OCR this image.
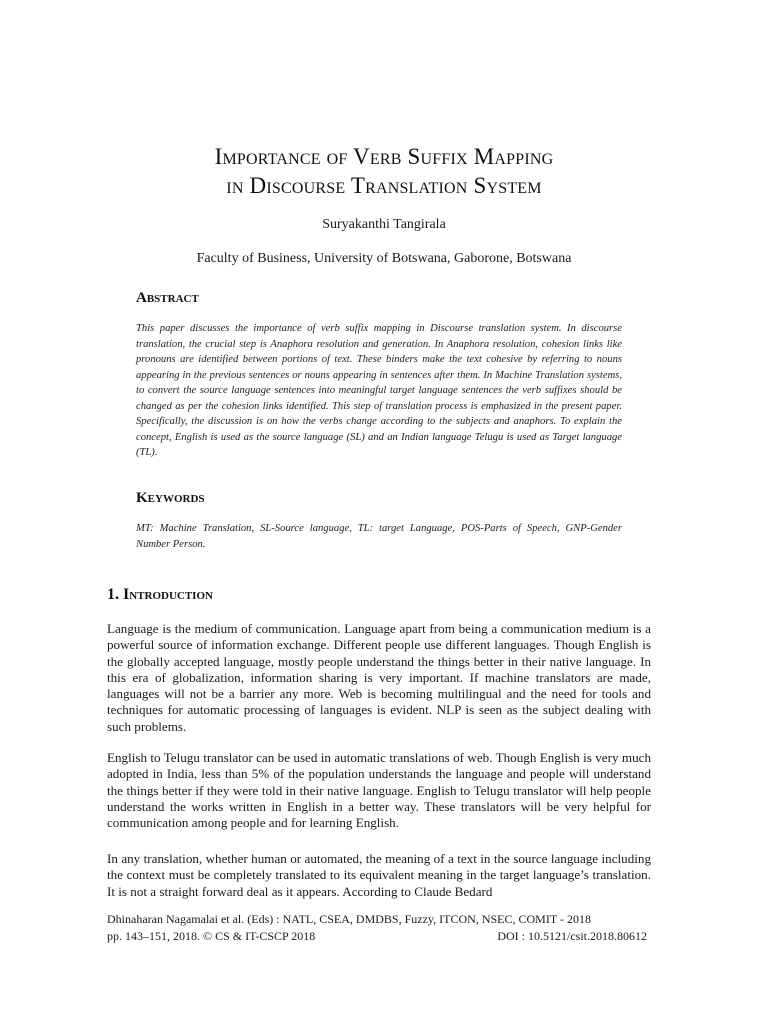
Importance of Verb Suffix Mapping
in Discourse Translation System
Suryakanthi Tangirala
Faculty of Business, University of Botswana, Gaborone, Botswana
Abstract
This paper discusses the importance of verb suffix mapping in Discourse translation system. In discourse translation, the crucial step is Anaphora resolution and generation. In Anaphora resolution, cohesion links like pronouns are identified between portions of text. These binders make the text cohesive by referring to nouns appearing in the previous sentences or nouns appearing in sentences after them. In Machine Translation systems, to convert the source language sentences into meaningful target language sentences the verb suffixes should be changed as per the cohesion links identified. This step of translation process is emphasized in the present paper. Specifically, the discussion is on how the verbs change according to the subjects and anaphors. To explain the concept, English is used as the source language (SL) and an Indian language Telugu is used as Target language (TL).
Keywords
MT: Machine Translation, SL-Source language, TL: target Language, POS-Parts of Speech, GNP-Gender Number Person.
1. Introduction
Language is the medium of communication. Language apart from being a communication medium is a powerful source of information exchange. Different people use different languages. Though English is the globally accepted language, mostly people understand the things better in their native language. In this era of globalization, information sharing is very important. If machine translators are made, languages will not be a barrier any more. Web is becoming multilingual and the need for tools and techniques for automatic processing of languages is evident. NLP is seen as the subject dealing with such problems.
English to Telugu translator can be used in automatic translations of web. Though English is very much adopted in India, less than 5% of the population understands the language and people will understand the things better if they were told in their native language. English to Telugu translator will help people understand the works written in English in a better way. These translators will be very helpful for communication among people and for learning English.
In any translation, whether human or automated, the meaning of a text in the source language including the context must be completely translated to its equivalent meaning in the target language’s translation. It is not a straight forward deal as it appears. According to Claude Bedard
Dhinaharan Nagamalai et al. (Eds) : NATL, CSEA, DMDBS, Fuzzy, ITCON, NSEC, COMIT - 2018
pp. 143–151, 2018. © CS & IT-CSCP 2018	DOI : 10.5121/csit.2018.80612
